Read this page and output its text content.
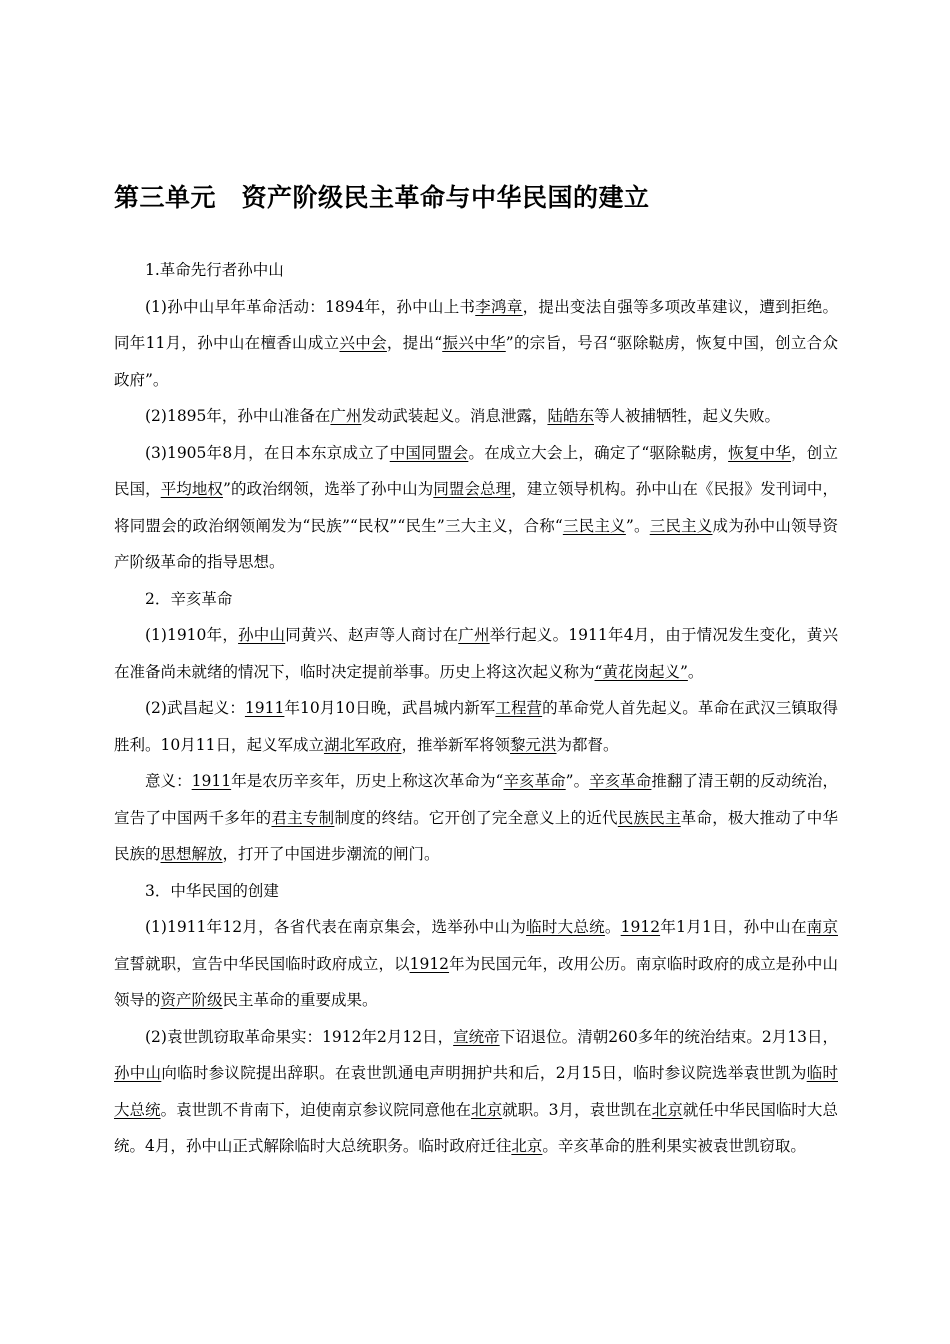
第三单元　资产阶级民主革命与中华民国的建立

1.革命先行者孙中山

(1)孙中山早年革命活动：1894年，孙中山上书李鸿章，提出变法自强等多项改革建议，遭到拒绝。同年11月，孙中山在檀香山成立兴中会，提出“振兴中华”的宗旨，号召“驱除鞑虏，恢复中国，创立合众政府”。

(2)1895年，孙中山准备在广州发动武装起义。消息泄露，陆皓东等人被捕牺牲，起义失败。

(3)1905年8月，在日本东京成立了中国同盟会。在成立大会上，确定了“驱除鞑虏，恢复中华，创立民国，平均地权”的政治纲领，选举了孙中山为同盟会总理，建立领导机构。孙中山在《民报》发刊词中，将同盟会的政治纲领阐发为“民族”“民权”“民生”三大主义，合称“三民主义”。三民主义成为孙中山领导资产阶级革命的指导思想。

2．辛亥革命

(1)1910年，孙中山同黄兴、赵声等人商讨在广州举行起义。1911年4月，由于情况发生变化，黄兴在准备尚未就绪的情况下，临时决定提前举事。历史上将这次起义称为“黄花岗起义”。

(2)武昌起义：1911年10月10日晚，武昌城内新军工程营的革命党人首先起义。革命在武汉三镇取得胜利。10月11日，起义军成立湖北军政府，推举新军将领黎元洪为都督。

意义：1911年是农历辛亥年，历史上称这次革命为“辛亥革命”。辛亥革命推翻了清王朝的反动统治，宣告了中国两千多年的君主专制制度的终结。它开创了完全意义上的近代民族民主革命，极大推动了中华民族的思想解放，打开了中国进步潮流的闸门。

3．中华民国的创建

(1)1911年12月，各省代表在南京集会，选举孙中山为临时大总统。1912年1月1日，孙中山在南京宣誓就职，宣告中华民国临时政府成立，以1912年为民国元年，改用公历。南京临时政府的成立是孙中山领导的资产阶级民主革命的重要成果。

(2)袁世凯窃取革命果实：1912年2月12日，宣统帝下诏退位。清朝260多年的统治结束。2月13日，孙中山向临时参议院提出辞职。在袁世凯通电声明拥护共和后，2月15日，临时参议院选举袁世凯为临时大总统。袁世凯不肯南下，迫使南京参议院同意他在北京就职。3月，袁世凯在北京就任中华民国临时大总统。4月，孙中山正式解除临时大总统职务。临时政府迁往北京。辛亥革命的胜利果实被袁世凯窃取。
